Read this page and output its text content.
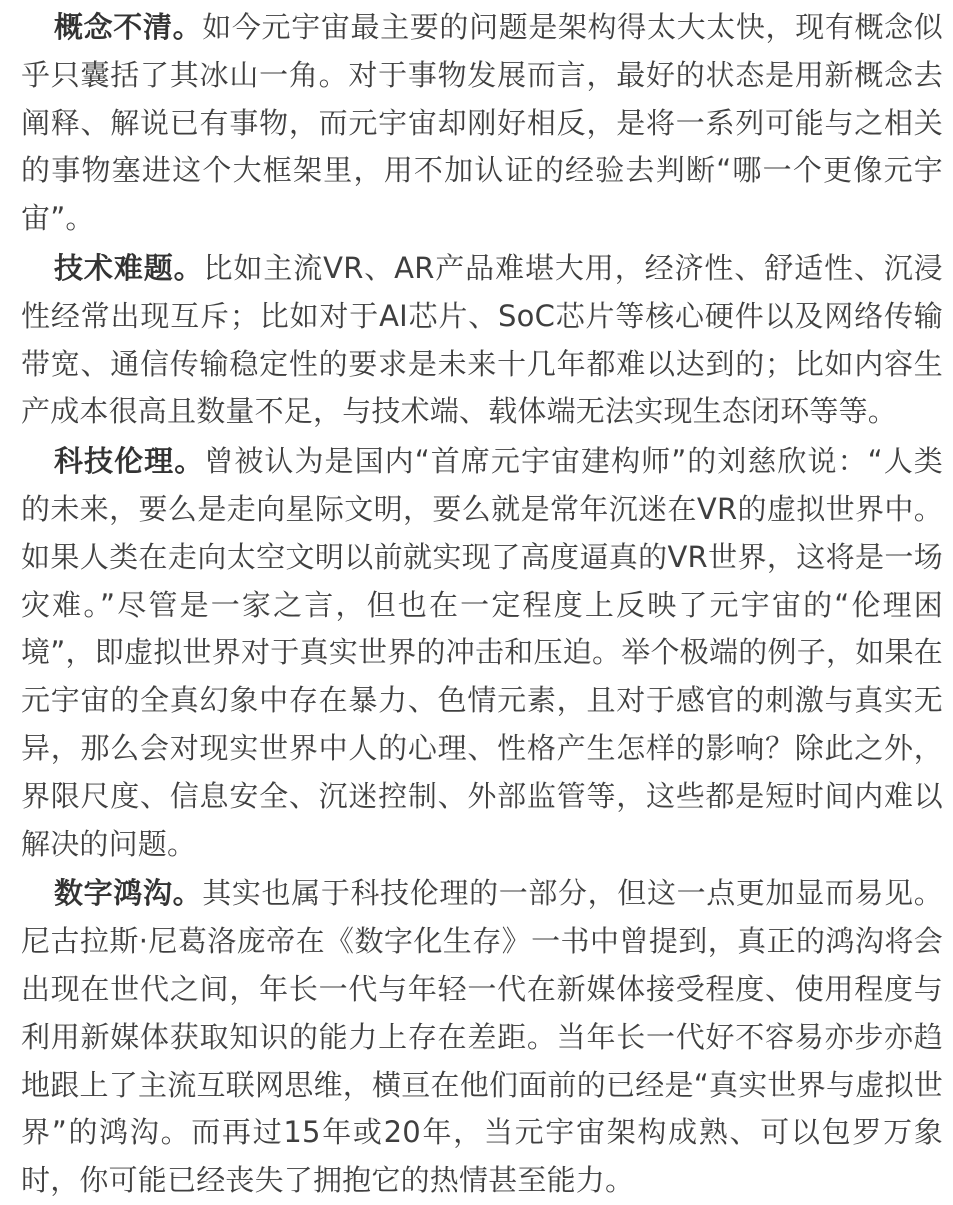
概念不清。如今元宇宙最主要的问题是架构得太大太快，现有概念似乎只囊括了其冰山一角。对于事物发展而言，最好的状态是用新概念去阐释、解说已有事物，而元宇宙却刚好相反，是将一系列可能与之相关的事物塞进这个大框架里，用不加认证的经验去判断“哪一个更像元宇宙”。

技术难题。比如主流VR、AR产品难堪大用，经济性、舒适性、沉浸性经常出现互斥；比如对于AI芯片、SoC芯片等核心硬件以及网络传输带宽、通信传输稳定性的要求是未来十几年都难以达到的；比如内容生产成本很高且数量不足，与技术端、载体端无法实现生态闭环等等。

科技伦理。曾被认为是国内“首席元宇宙建构师”的刘慈欣说：“人类的未来，要么是走向星际文明，要么就是常年沉迷在VR的虚拟世界中。如果人类在走向太空文明以前就实现了高度逼真的VR世界，这将是一场灾难。”尽管是一家之言，但也在一定程度上反映了元宇宙的“伦理困境”，即虚拟世界对于真实世界的冲击和压迫。举个极端的例子，如果在元宇宙的全真幻象中存在暴力、色情元素，且对于感官的刺激与真实无异，那么会对现实世界中人的心理、性格产生怎样的影响？除此之外，界限尺度、信息安全、沉迷控制、外部监管等，这些都是短时间内难以解决的问题。

数字鸿沟。其实也属于科技伦理的一部分，但这一点更加显而易见。尼古拉斯·尼葛洛庞帝在《数字化生存》一书中曾提到，真正的鸿沟将会出现在世代之间，年长一代与年轻一代在新媒体接受程度、使用程度与利用新媒体获取知识的能力上存在差距。当年长一代好不容易亦步亦趋地跟上了主流互联网思维，横亘在他们面前的已经是“真实世界与虚拟世界”的鸿沟。而再过15年或20年，当元宇宙架构成熟、可以包罗万象时，你可能已经丧失了拥抱它的热情甚至能力。
